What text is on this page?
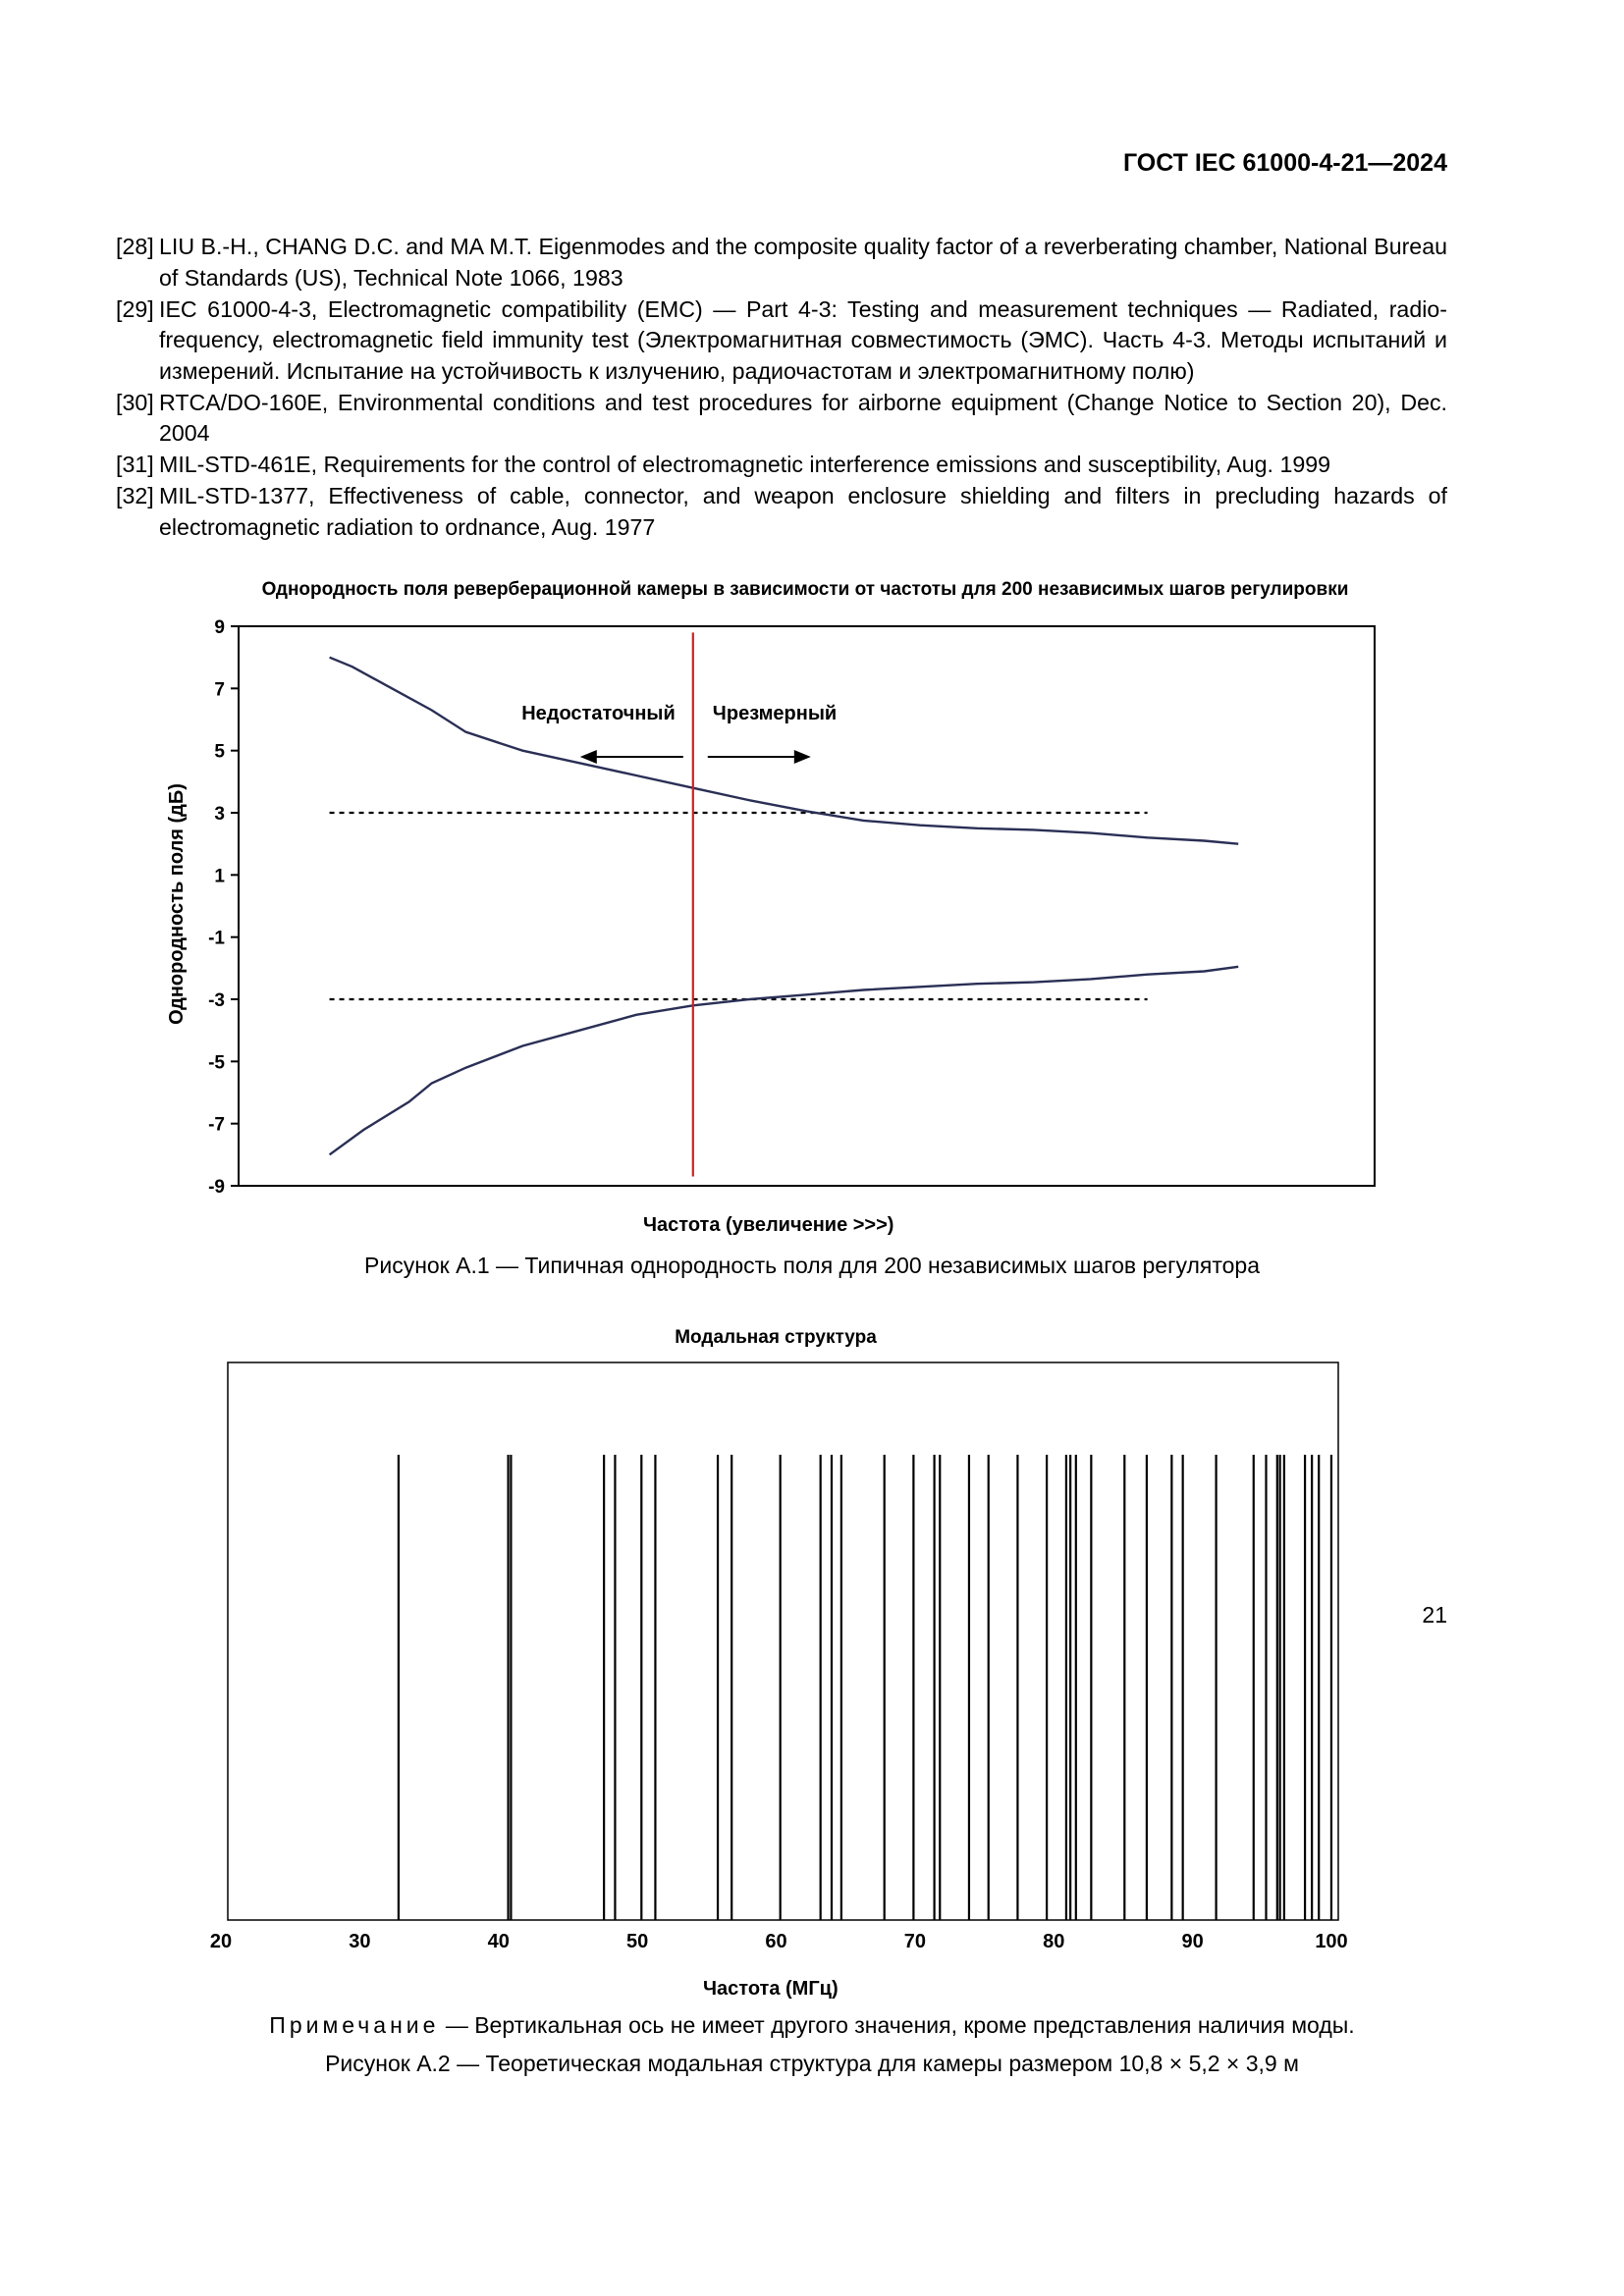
ГОСТ IEC 61000-4-21—2024
[28] LIU B.-H., CHANG D.C. and MA M.T. Eigenmodes and the composite quality factor of a reverberating chamber, National Bureau of Standards (US), Technical Note 1066, 1983
[29] IEC 61000-4-3, Electromagnetic compatibility (EMC) — Part 4-3: Testing and measurement techniques — Radiated, radio-frequency, electromagnetic field immunity test (Электромагнитная совместимость (ЭМС). Часть 4-3. Методы испытаний и измерений. Испытание на устойчивость к излучению, радиочастотам и электромагнитному полю)
[30] RTCA/DO-160E, Environmental conditions and test procedures for airborne equipment (Change Notice to Section 20), Dec. 2004
[31] MIL-STD-461E, Requirements for the control of electromagnetic interference emissions and susceptibility, Aug. 1999
[32] MIL-STD-1377, Effectiveness of cable, connector, and weapon enclosure shielding and filters in precluding hazards of electromagnetic radiation to ordnance, Aug. 1977
Однородность поля реверберационной камеры в зависимости от частоты для 200 независимых шагов регулировки
9
7
5
3
1
-1
-3
-5
-7
-9
Однородность поля (дБ)
Недостаточный Чрезмерный
Частота (увеличение >>>)
Рисунок А.1 — Типичная однородность поля для 200 независимых шагов регулятора
Модальная структура
20	30	40	50	60	70	80	90	100
Частота (МГц)
Примечание — Вертикальная ось не имеет другого значения, кроме представления наличия моды.
Рисунок А.2 — Теоретическая модальная структура для камеры размером 10,8 × 5,2 × 3,9 м
21
